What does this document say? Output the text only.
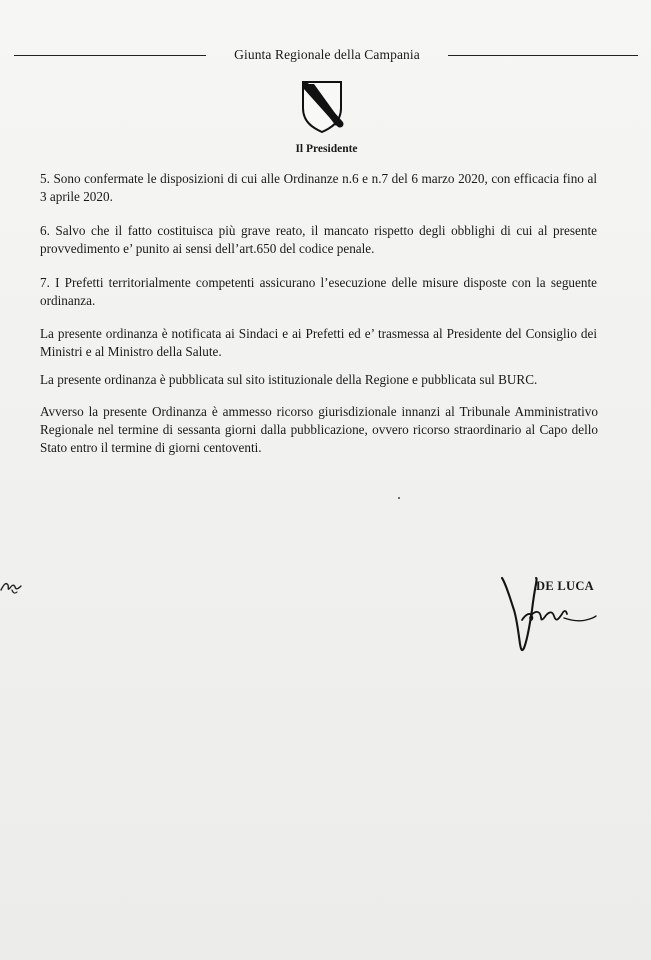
Giunta Regionale della Campania
Il Presidente
5. Sono confermate le disposizioni di cui alle Ordinanze n.6 e n.7 del 6 marzo 2020, con efficacia fino al 3 aprile 2020.
6. Salvo che il fatto costituisca più grave reato, il mancato rispetto degli obblighi di cui al presente provvedimento e’ punito ai sensi dell’art.650 del codice penale.
7. I Prefetti territorialmente competenti assicurano l’esecuzione delle misure disposte con la seguente ordinanza.
La presente ordinanza è notificata ai Sindaci e ai Prefetti ed e’ trasmessa al Presidente del Consiglio dei Ministri e al Ministro della Salute.
La presente ordinanza è pubblicata sul sito istituzionale della Regione e pubblicata sul BURC.
Avverso la presente Ordinanza è ammesso ricorso giurisdizionale innanzi al Tribunale Amministrativo Regionale nel termine di sessanta giorni dalla pubblicazione, ovvero ricorso straordinario al Capo dello Stato entro il termine di giorni centoventi.
DE LUCA
